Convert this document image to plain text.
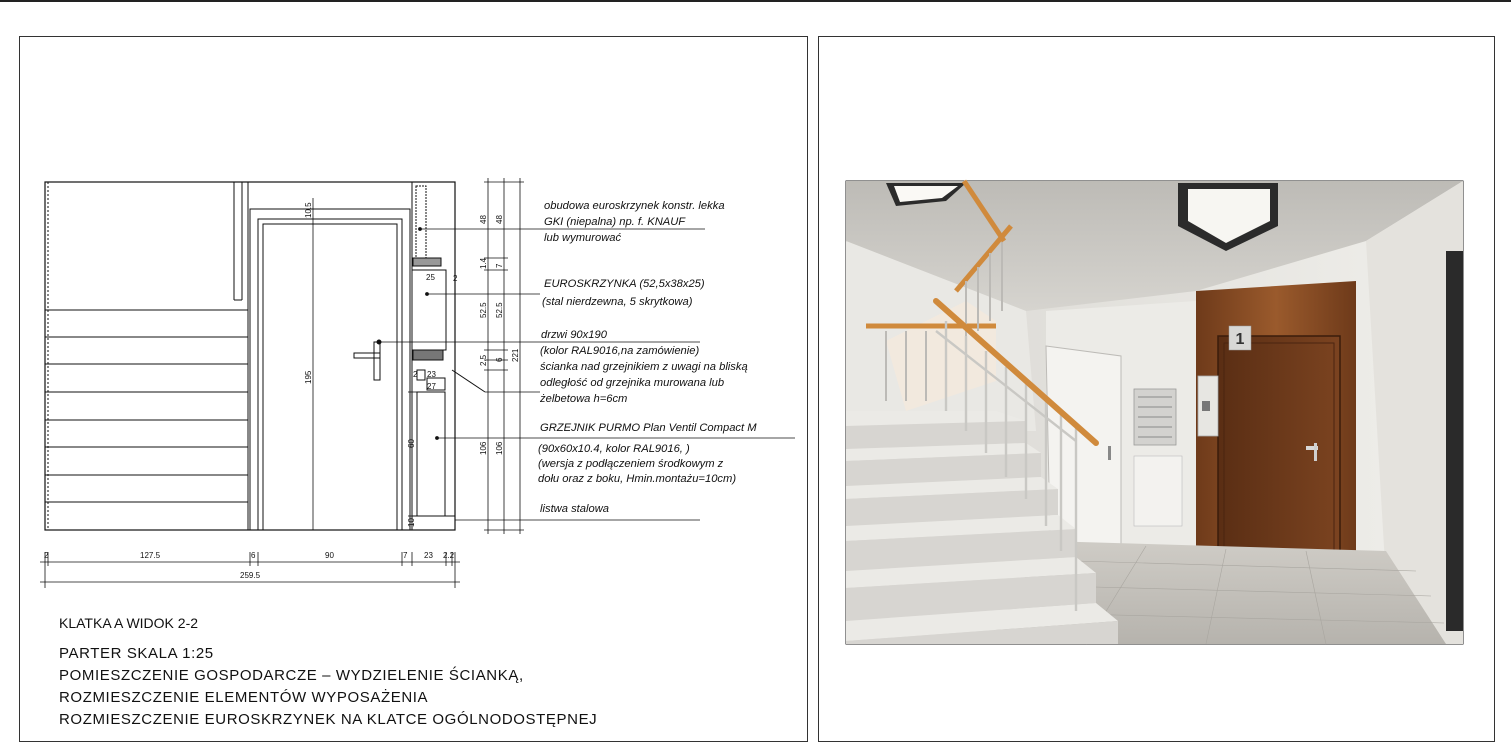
obudowa euroskrzynek konstr. lekka
GKI (niepalna) np. f. KNAUF
lub wymurować
EUROSKRZYNKA (52,5x38x25)
(stal nierdzewna, 5 skrytkowa)
drzwi 90x190
(kolor RAL9016,na zamówienie)
ścianka nad grzejnikiem z uwagi na bliską
odległość od grzejnika murowana lub
żelbetowa h=6cm
GRZEJNIK PURMO Plan Ventil Compact M
(90x60x10.4, kolor RAL9016, )
(wersja z podłączeniem środkowym z
dołu oraz z boku, Hmin.montażu=10cm)
listwa stalowa
2	127.5	6	90	7 23 2.2
259.5
25 2
27
23
2
10.5
195
48 48
1.4 7
52.5 52.5
221
2.5 6
106 106
60
10
KLATKA A WIDOK 2-2
PARTER SKALA 1:25
POMIESZCZENIE GOSPODARCZE – WYDZIELENIE ŚCIANKĄ,
ROZMIESZCZENIE ELEMENTÓW WYPOSAŻENIA
ROZMIESZCZENIE EUROSKRZYNEK NA KLATCE OGÓLNODOSTĘPNEJ
1
